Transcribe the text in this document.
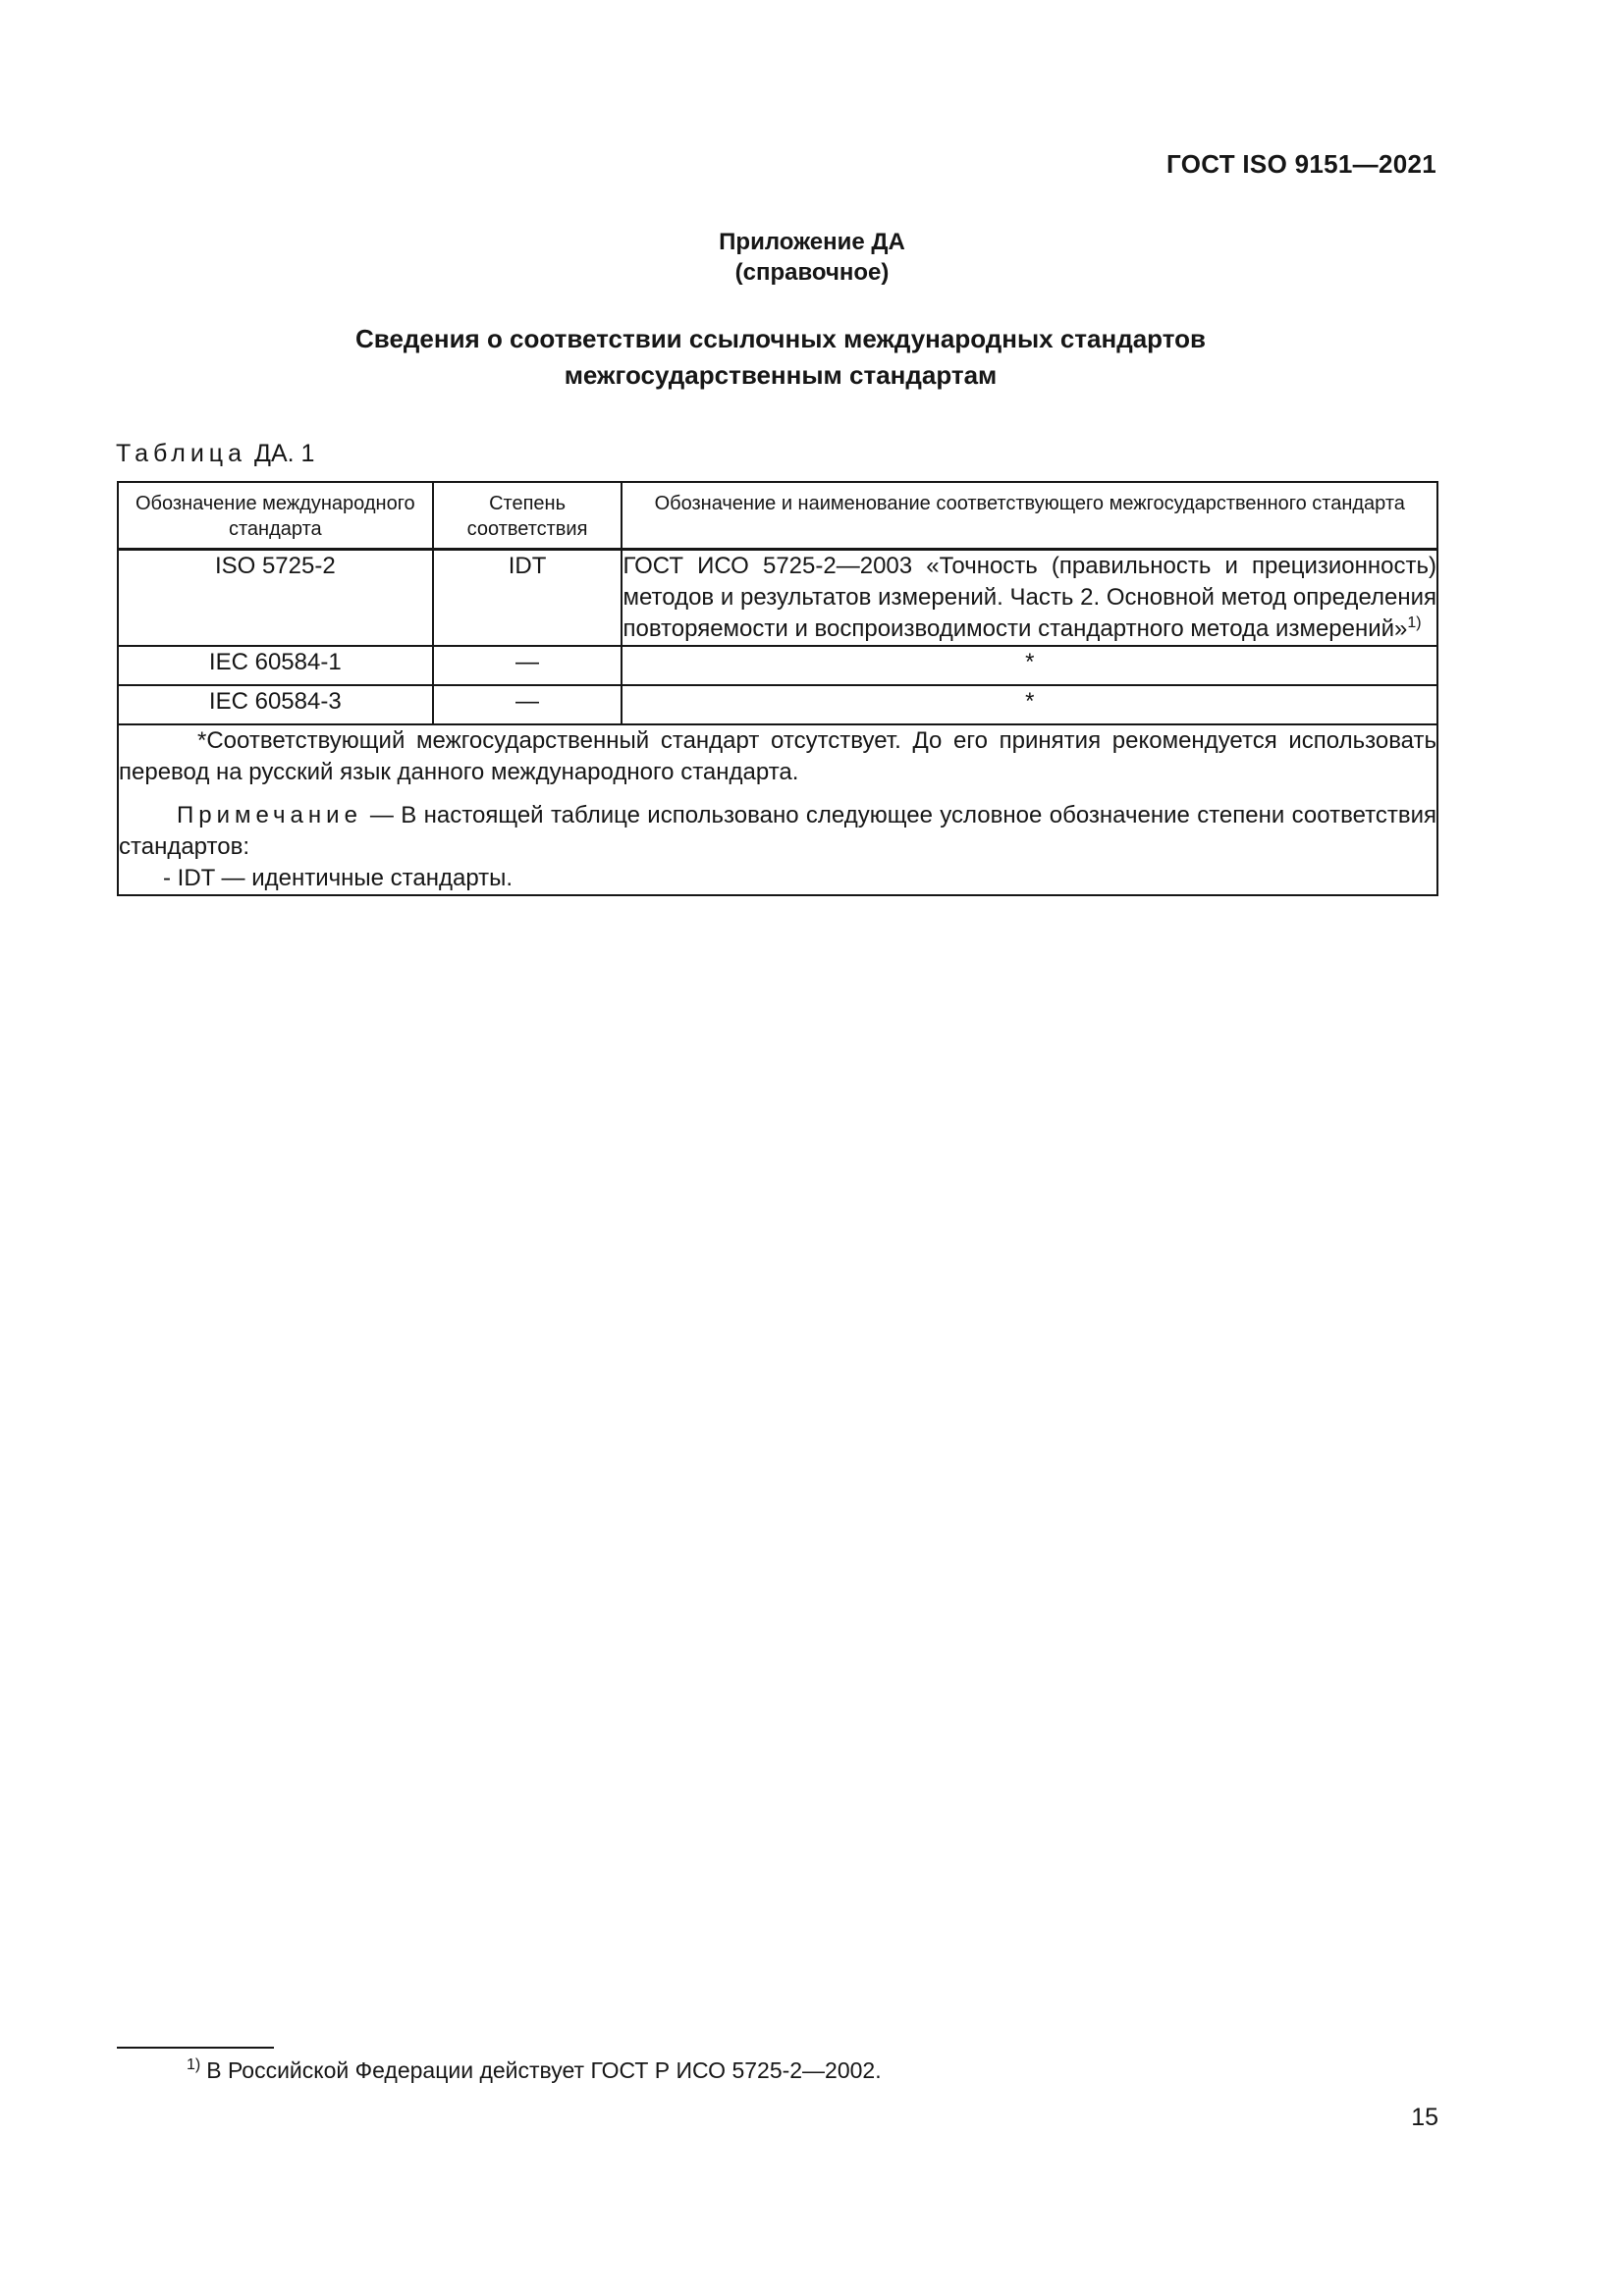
ГОСТ ISO 9151—2021
Приложение ДА
(справочное)
Сведения о соответствии ссылочных международных стандартов
межгосударственным стандартам
Таблица ДА. 1
Обозначение международного стандарта	Степень соответствия	Обозначение и наименование соответствующего межгосударственного стандарта
ISO 5725-2	IDT	ГОСТ ИСО 5725-2—2003 «Точность (правильность и прецизионность) методов и результатов измерений. Часть 2. Основной метод определения повторяемости и воспроизводимости стандартного метода измерений»$^{1)}$
IEC 60584-1	—	*
IEC 60584-3	—	*

*Соответствующий межгосударственный стандарт отсутствует. До его принятия рекомендуется использовать перевод на русский язык данного международного стандарта.

Примечание — В настоящей таблице использовано следующее условное обозначение степени соответствия стандартов:

- IDT — идентичные стандарты.		

$^{1)}$ В Российской Федерации действует ГОСТ Р ИСО 5725-2—2002.
15
